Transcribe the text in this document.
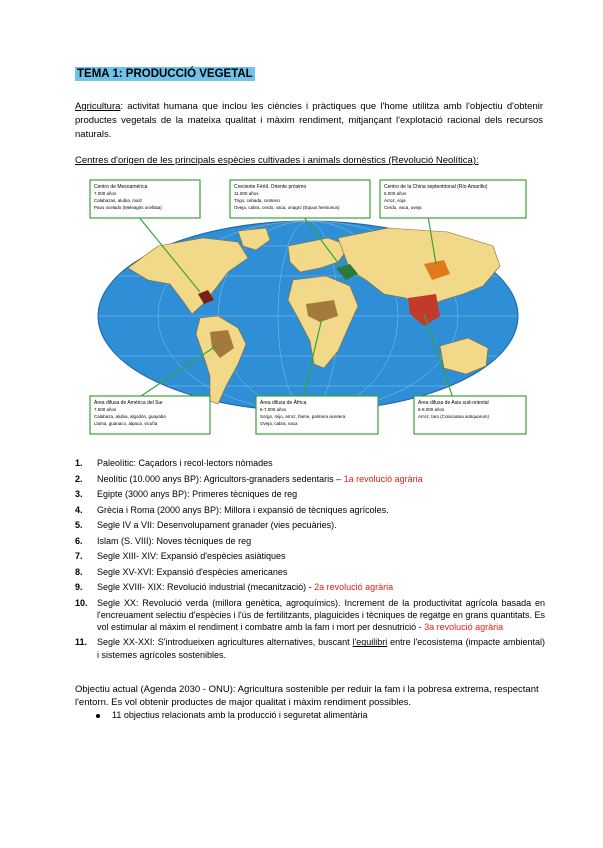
TEMA 1: PRODUCCIÓ VEGETAL
Agricultura: activitat humana que inclou les ciències i pràctiques que l'home utilitza amb l'objectiu d'obtenir productes vegetals de la mateixa qualitat i màxim rendiment, mitjançant l'explotació racional dels recursos naturals.
Centres d'origen de les principals espècies cultivades i animals domèstics (Revolució Neolítica):
Centro de Mesoamérica
7.000 años
Calabazas, alubia, maíz
Pavo ocelado (Meleagris ocellata)
Creciente Fértil. Oriente próximo
11.000 años
Trigo, cebada, centeno
Oveja, cabra, cerdo, vaca, onagro (Equus hemionus)
Centro de la China septentrional (Río Amarillo)
6.000 años
Arroz, soja
Cerdo, vaca, oveja
Área difusa de América del Sur
7.500 años
Calabaza, alubia, algodón, guayaba
Llama, guanaco, alpaca, vicuña
Área difusa de África
6-7.000 años
Sorgo, mijo, arroz, ñame, palmera aceitera
Oveja, cabra, vaca
Área difusa de Asia sud-oriental
6-9.000 años
Arroz, taro (Colocassia antiquarum)
1. Paleolític: Caçadors i recol·lectors nòmades
2. Neolític (10.000 anys BP): Agricultors-granaders sedentaris – 1a revolució agrària
3. Egipte (3000 anys BP): Primeres tècniques de reg
4. Grècia i Roma (2000 anys BP): Millora i expansió de tècniques agrícoles.
5. Segle IV a VII: Desenvolupament granader (vies pecuàries).
6. Islam (S. VIII): Noves tècniques de reg
7. Segle XIII- XIV: Expansió d'espècies asiàtiques
8. Segle XV-XVI: Expansió d'espècies americanes
9. Segle XVIII- XIX: Revolució industrial (mecanització) - 2a revolució agrària
10. Segle XX: Revolució verda (millora genètica, agroquímics). Increment de la productivitat agrícola basada en l'encreuament selectiu d'espècies i l'ús de fertilitzants, plaguicides i tècniques de regatge en grans quantitats. Es vol estimular al màxim el rendiment i combatre amb la fam i mort per desnutrició - 3a revolució agrària
11. Segle XX-XXI: S'introdueixen agricultures alternatives, buscant l'equilibri entre l'ecosistema (impacte ambiental) i sistemes agrícoles sostenibles.
Objectiu actual (Agenda 2030 - ONU): Agricultura sostenible per reduir la fam i la pobresa extrema, respectant l'entorn. Es vol obtenir productes de major qualitat i màxim rendiment possibles.
11 objectius relacionats amb la producció i seguretat alimentària
